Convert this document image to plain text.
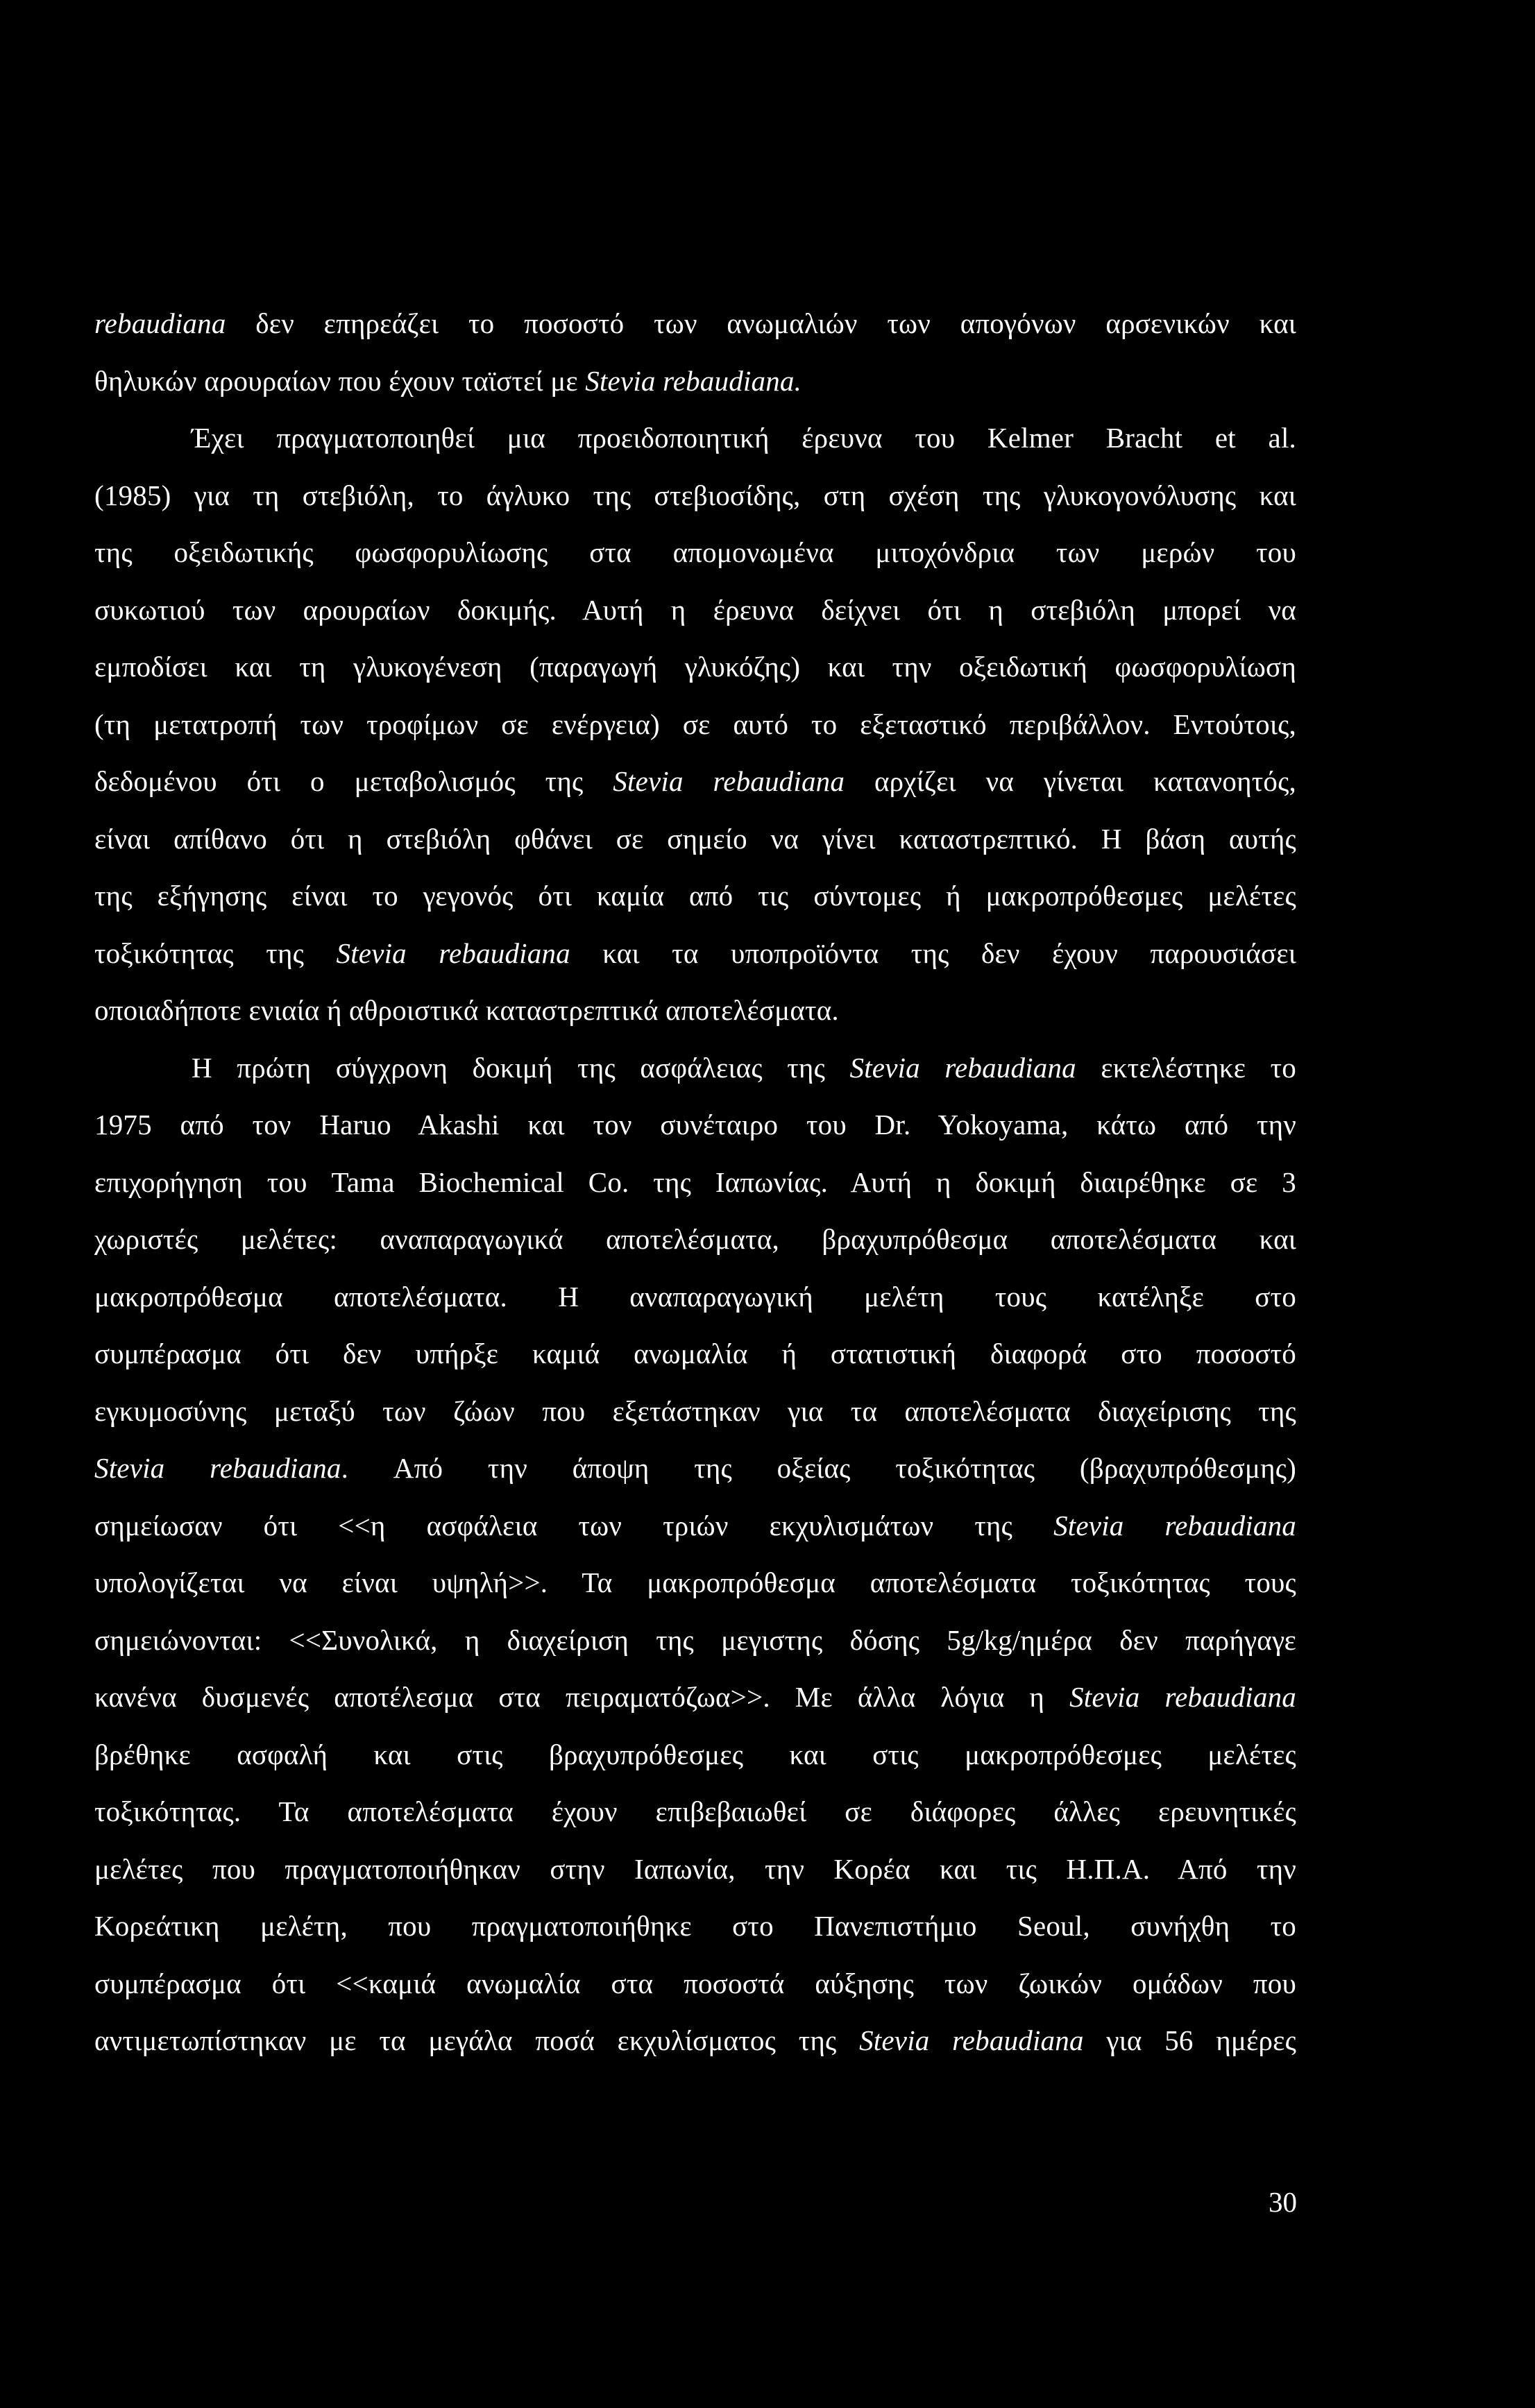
rebaudiana δεν επηρεάζει το ποσοστό των ανωμαλιών των απογόνων αρσενικών και
θηλυκών αρουραίων που έχουν ταϊστεί με Stevia rebaudiana.
Έχει πραγματοποιηθεί μια προειδοποιητική έρευνα του Kelmer Bracht et al.
(1985) για τη στεβιόλη, το άγλυκο της στεβιοσίδης, στη σχέση της γλυκογονόλυσης και
της οξειδωτικής φωσφορυλίωσης στα απομονωμένα μιτοχόνδρια των μερών του
συκωτιού των αρουραίων δοκιμής. Αυτή η έρευνα δείχνει ότι η στεβιόλη μπορεί να
εμποδίσει και τη γλυκογένεση (παραγωγή γλυκόζης) και την οξειδωτική φωσφορυλίωση
(τη μετατροπή των τροφίμων σε ενέργεια) σε αυτό το εξεταστικό περιβάλλον. Εντούτοις,
δεδομένου ότι ο μεταβολισμός της Stevia rebaudiana αρχίζει να γίνεται κατανοητός,
είναι απίθανο ότι η στεβιόλη φθάνει σε σημείο να γίνει καταστρεπτικό. Η βάση αυτής
της εξήγησης είναι το γεγονός ότι καμία από τις σύντομες ή μακροπρόθεσμες μελέτες
τοξικότητας της Stevia rebaudiana και τα υποπροϊόντα της δεν έχουν παρουσιάσει
οποιαδήποτε ενιαία ή αθροιστικά καταστρεπτικά αποτελέσματα.
Η πρώτη σύγχρονη δοκιμή της ασφάλειας της Stevia rebaudiana εκτελέστηκε το
1975 από τον Haruo Akashi και τον συνέταιρο του Dr. Yokoyama, κάτω από την
επιχορήγηση του Tama Biochemical Co. της Ιαπωνίας. Αυτή η δοκιμή διαιρέθηκε σε 3
χωριστές μελέτες: αναπαραγωγικά αποτελέσματα, βραχυπρόθεσμα αποτελέσματα και
μακροπρόθεσμα αποτελέσματα. Η αναπαραγωγική μελέτη τους κατέληξε στο
συμπέρασμα ότι δεν υπήρξε καμιά ανωμαλία ή στατιστική διαφορά στο ποσοστό
εγκυμοσύνης μεταξύ των ζώων που εξετάστηκαν για τα αποτελέσματα διαχείρισης της
Stevia rebaudiana. Από την άποψη της οξείας τοξικότητας (βραχυπρόθεσμης)
σημείωσαν ότι <<η ασφάλεια των τριών εκχυλισμάτων της Stevia rebaudiana
υπολογίζεται να είναι υψηλή>>. Τα μακροπρόθεσμα αποτελέσματα τοξικότητας τους
σημειώνονται: <<Συνολικά, η διαχείριση της μεγιστης δόσης 5g/kg/ημέρα δεν παρήγαγε
κανένα δυσμενές αποτέλεσμα στα πειραματόζωα>>. Με άλλα λόγια η Stevia rebaudiana
βρέθηκε ασφαλή και στις βραχυπρόθεσμες και στις μακροπρόθεσμες μελέτες
τοξικότητας. Τα αποτελέσματα έχουν επιβεβαιωθεί σε διάφορες άλλες ερευνητικές
μελέτες που πραγματοποιήθηκαν στην Ιαπωνία, την Κορέα και τις Η.Π.Α. Από την
Κορεάτικη μελέτη, που πραγματοποιήθηκε στο Πανεπιστήμιο Seoul, συνήχθη το
συμπέρασμα ότι <<καμιά ανωμαλία στα ποσοστά αύξησης των ζωικών ομάδων που
αντιμετωπίστηκαν με τα μεγάλα ποσά εκχυλίσματος της Stevia rebaudiana για 56 ημέρες
30
